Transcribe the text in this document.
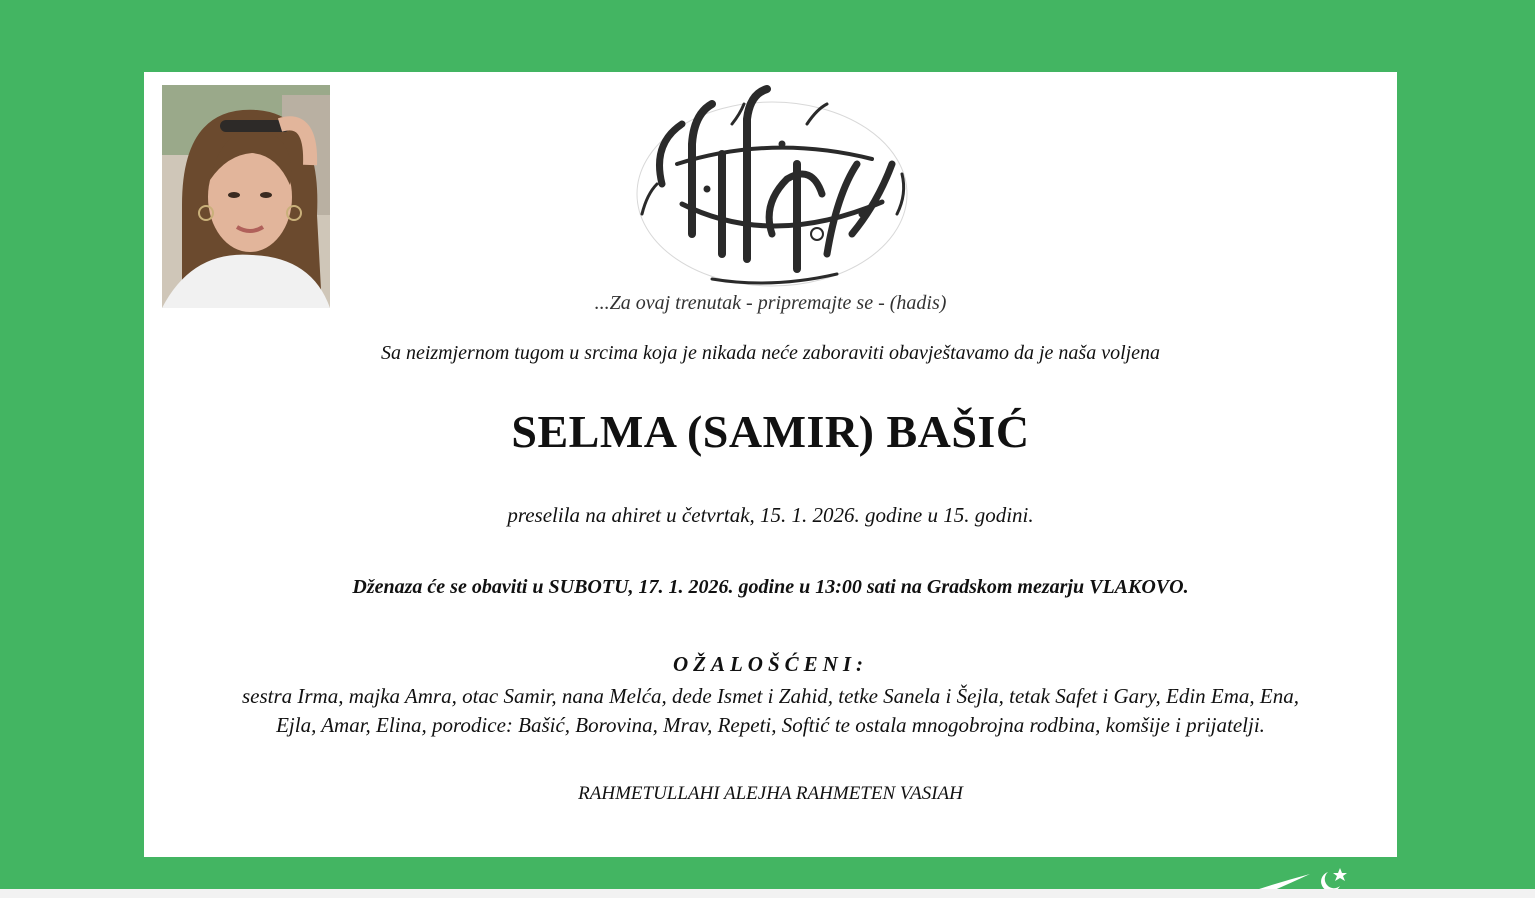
...Za ovaj trenutak - pripremajte se - (hadis)
Sa neizmjernom tugom u srcima koja je nikada neće zaboraviti obavještavamo da je naša voljena
SELMA (SAMIR) BAŠIĆ
preselila na ahiret u četvrtak, 15. 1. 2026. godine u 15. godini.
Dženaza će se obaviti u SUBOTU, 17. 1. 2026. godine u 13:00 sati na Gradskom mezarju VLAKOVO.
OŽALOŠĆENI:
sestra Irma, majka Amra, otac Samir, nana Melća, dede Ismet i Zahid, tetke Sanela i Šejla, tetak Safet i Gary, Edin Ema, Ena,
Ejla, Amar, Elina, porodice: Bašić, Borovina, Mrav, Repeti, Softić te ostala mnogobrojna rodbina, komšije i prijatelji.
RAHMETULLAHI ALEJHA RAHMETEN VASIAH
